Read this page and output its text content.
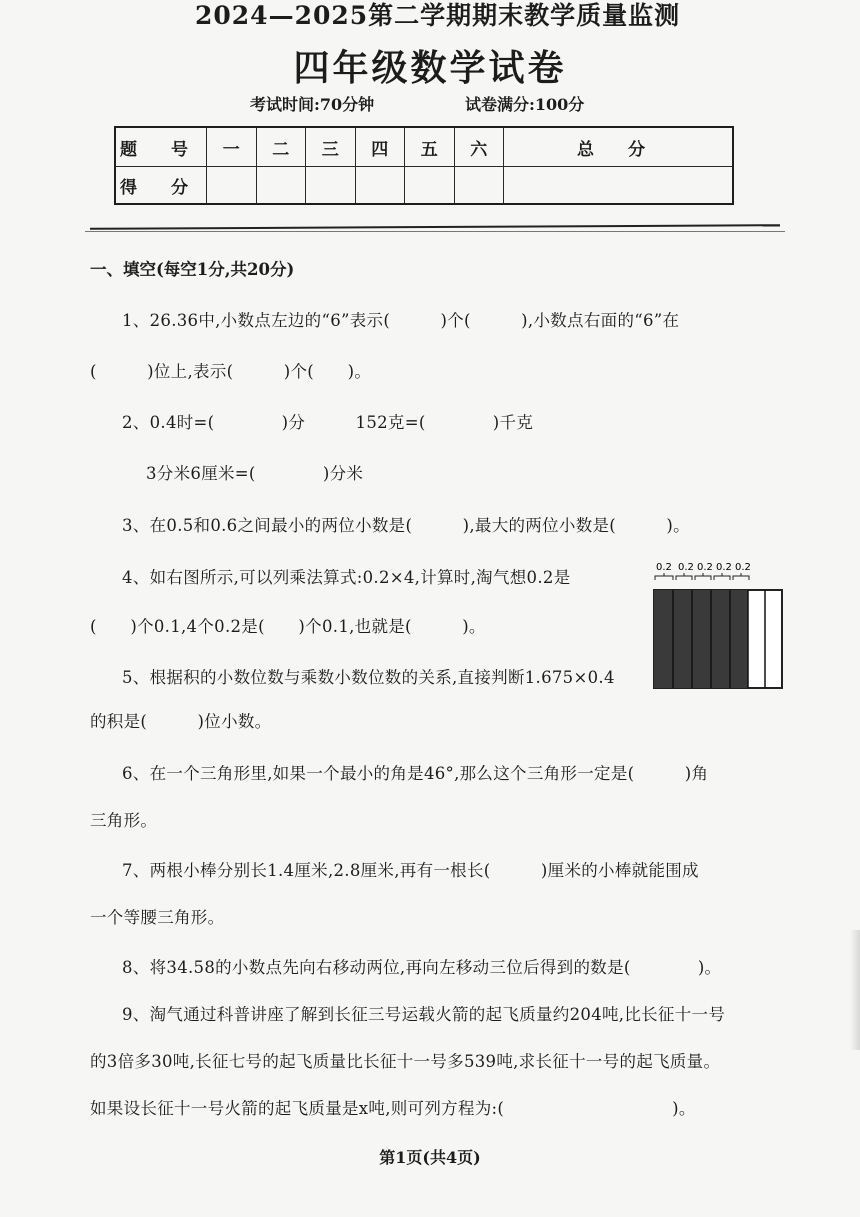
2024—2025第二学期期末教学质量监测
四年级数学试卷
考试时间:70分钟	试卷满分:100分
题 号	一	二	三	四	五	六	总 分
得 分							
一、填空(每空1分,共20分)
1、26.36中,小数点左边的“6”表示(　　　)个(　　　),小数点右面的“6”在
(　　　)位上,表示(　　　)个(　　)。
2、0.4时=(　　　　)分　　　152克=(　　　　)千克
3分米6厘米=(　　　　)分米
3、在0.5和0.6之间最小的两位小数是(　　　),最大的两位小数是(　　　)。
4、如右图所示,可以列乘法算式:0.2×4,计算时,淘气想0.2是
(　　)个0.1,4个0.2是(　　)个0.1,也就是(　　　)。
5、根据积的小数位数与乘数小数位数的关系,直接判断1.675×0.4
的积是(　　　)位小数。
6、在一个三角形里,如果一个最小的角是46°,那么这个三角形一定是(　　　)角
三角形。
7、两根小棒分别长1.4厘米,2.8厘米,再有一根长(　　　)厘米的小棒就能围成
一个等腰三角形。
8、将34.58的小数点先向右移动两位,再向左移动三位后得到的数是(　　　　)。
9、淘气通过科普讲座了解到长征三号运载火箭的起飞质量约204吨,比长征十一号
的3倍多30吨,长征七号的起飞质量比长征十一号多539吨,求长征十一号的起飞质量。
如果设长征十一号火箭的起飞质量是x吨,则可列方程为:(　　　　　　　　　　)。
0.2 0.2 0.2 0.2 0.2
第1页(共4页)
